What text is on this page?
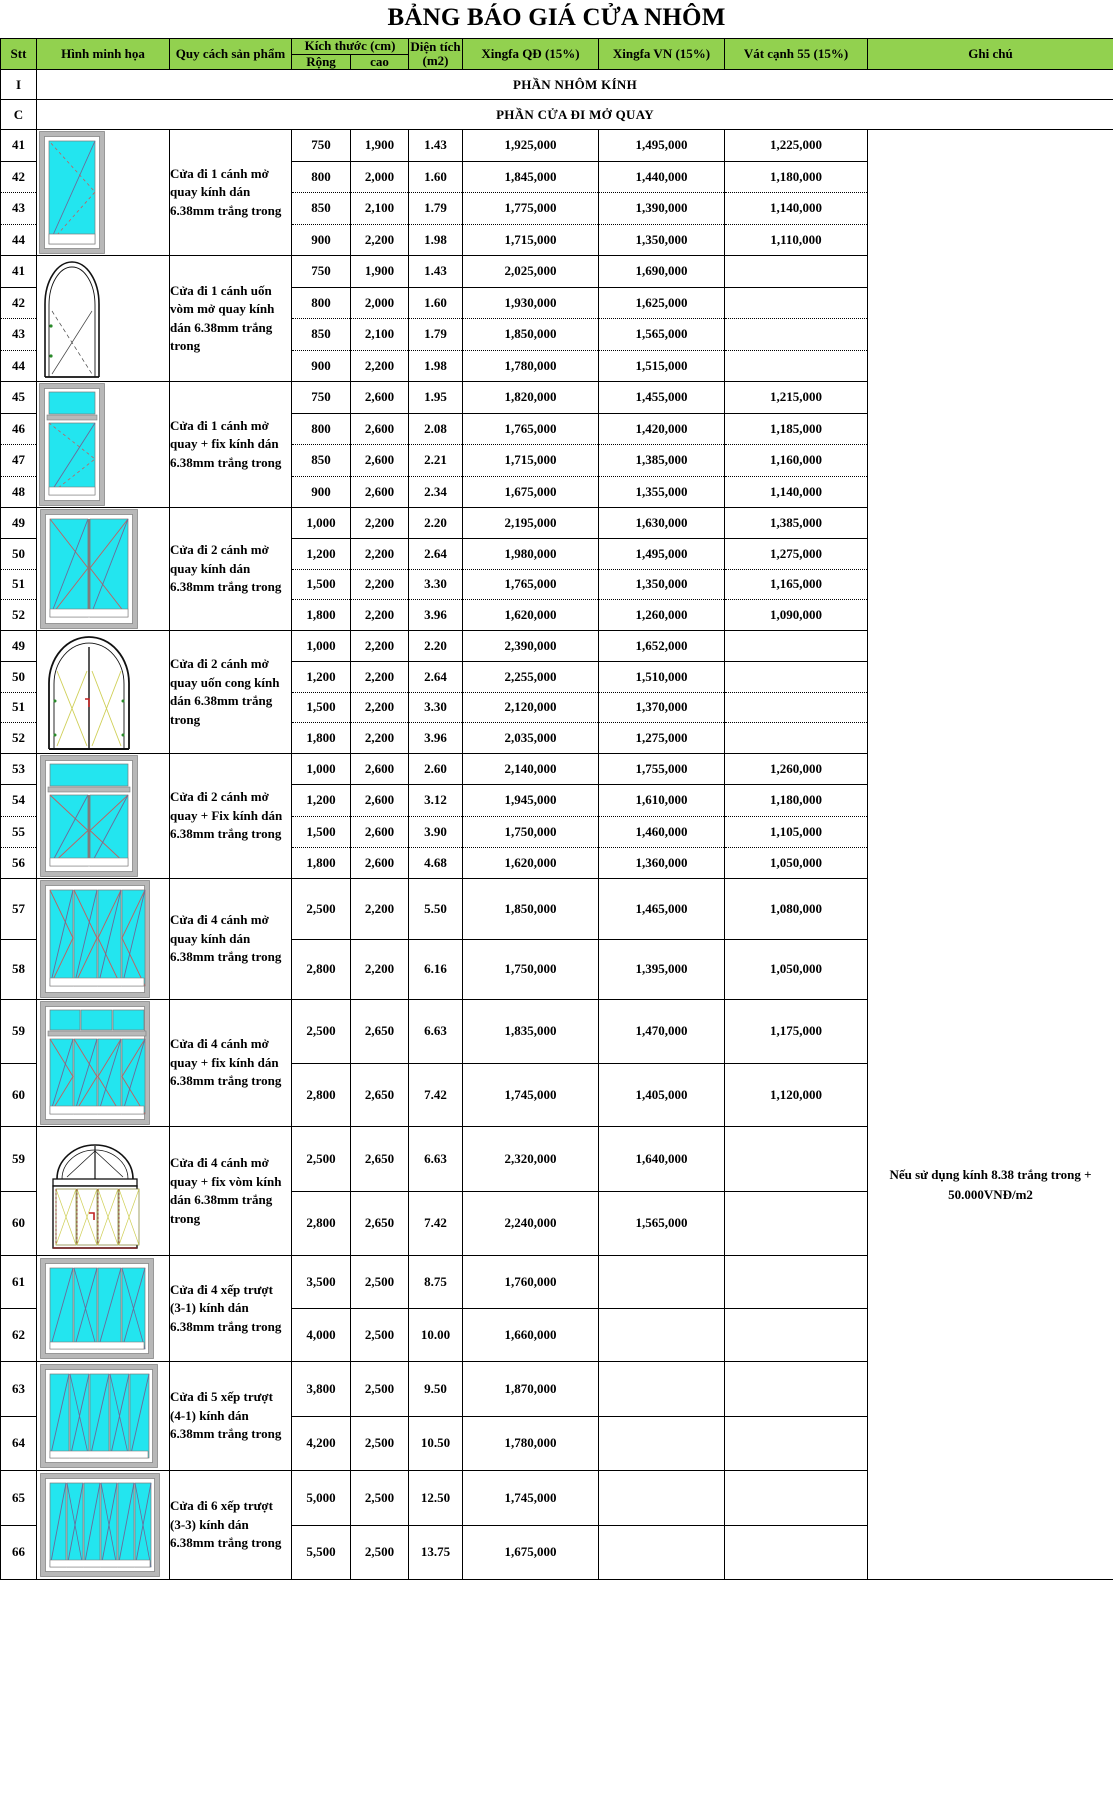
BẢNG BÁO GIÁ CỬA NHÔM
Stt	Hình minh họa	Quy cách sản phẩm	Kích thước (cm)		Diện tích (m2)	Xingfa QĐ (15%)	Xingfa VN (15%)	Vát cạnh 55 (15%)	Ghi chú
			Rộng	cao					
I	PHẦN NHÔM KÍNH								
C	PHẦN CỬA ĐI MỞ QUAY								
41		Cửa đi 1 cánh mở quay kính dán 6.38mm trắng trong	750	1,900	1.43	1,925,000	1,495,000	1,225,000	Nếu sử dụng kính 8.38 trắng trong + 50.000VNĐ/m2

42			800	2,000	1.60	1,845,000	1,440,000	1,180,000	
43			850	2,100	1.79	1,775,000	1,390,000	1,140,000	
44			900	2,200	1.98	1,715,000	1,350,000	1,110,000	
41		Cửa đi 1 cánh uốn vòm mở quay kính dán 6.38mm trắng trong	750	1,900	1.43	2,025,000	1,690,000		
42			800	2,000	1.60	1,930,000	1,625,000		
43			850	2,100	1.79	1,850,000	1,565,000		
44			900	2,200	1.98	1,780,000	1,515,000		
45		Cửa đi 1 cánh mở quay + fix kính dán 6.38mm trắng trong	750	2,600	1.95	1,820,000	1,455,000	1,215,000	
46			800	2,600	2.08	1,765,000	1,420,000	1,185,000	
47			850	2,600	2.21	1,715,000	1,385,000	1,160,000	
48			900	2,600	2.34	1,675,000	1,355,000	1,140,000	
49		Cửa đi 2 cánh mở quay kính dán 6.38mm trắng trong	1,000	2,200	2.20	2,195,000	1,630,000	1,385,000	
50			1,200	2,200	2.64	1,980,000	1,495,000	1,275,000	
51			1,500	2,200	3.30	1,765,000	1,350,000	1,165,000	
52			1,800	2,200	3.96	1,620,000	1,260,000	1,090,000	
49		Cửa đi 2 cánh mở quay uốn cong kính dán 6.38mm trắng trong	1,000	2,200	2.20	2,390,000	1,652,000		
50			1,200	2,200	2.64	2,255,000	1,510,000		
51			1,500	2,200	3.30	2,120,000	1,370,000		
52			1,800	2,200	3.96	2,035,000	1,275,000		
53		Cửa đi 2 cánh mở quay + Fix kính dán 6.38mm trắng trong	1,000	2,600	2.60	2,140,000	1,755,000	1,260,000	
54			1,200	2,600	3.12	1,945,000	1,610,000	1,180,000	
55			1,500	2,600	3.90	1,750,000	1,460,000	1,105,000	
56			1,800	2,600	4.68	1,620,000	1,360,000	1,050,000	
57		Cửa đi 4 cánh mở quay kính dán 6.38mm trắng trong	2,500	2,200	5.50	1,850,000	1,465,000	1,080,000	
58			2,800	2,200	6.16	1,750,000	1,395,000	1,050,000	
59		Cửa đi 4 cánh mở quay + fix kính dán 6.38mm trắng trong	2,500	2,650	6.63	1,835,000	1,470,000	1,175,000	
60			2,800	2,650	7.42	1,745,000	1,405,000	1,120,000	
59		Cửa đi 4 cánh mở quay + fix vòm kính dán 6.38mm trắng trong	2,500	2,650	6.63	2,320,000	1,640,000		
60			2,800	2,650	7.42	2,240,000	1,565,000		
61		Cửa đi 4 xếp trượt (3-1) kính dán 6.38mm trắng trong	3,500	2,500	8.75	1,760,000			
62			4,000	2,500	10.00	1,660,000			
63		Cửa đi 5 xếp trượt (4-1) kính dán 6.38mm trắng trong	3,800	2,500	9.50	1,870,000			
64			4,200	2,500	10.50	1,780,000			
65		Cửa đi 6 xếp trượt (3-3) kính dán 6.38mm trắng trong	5,000	2,500	12.50	1,745,000			
66			5,500	2,500	13.75	1,675,000			
